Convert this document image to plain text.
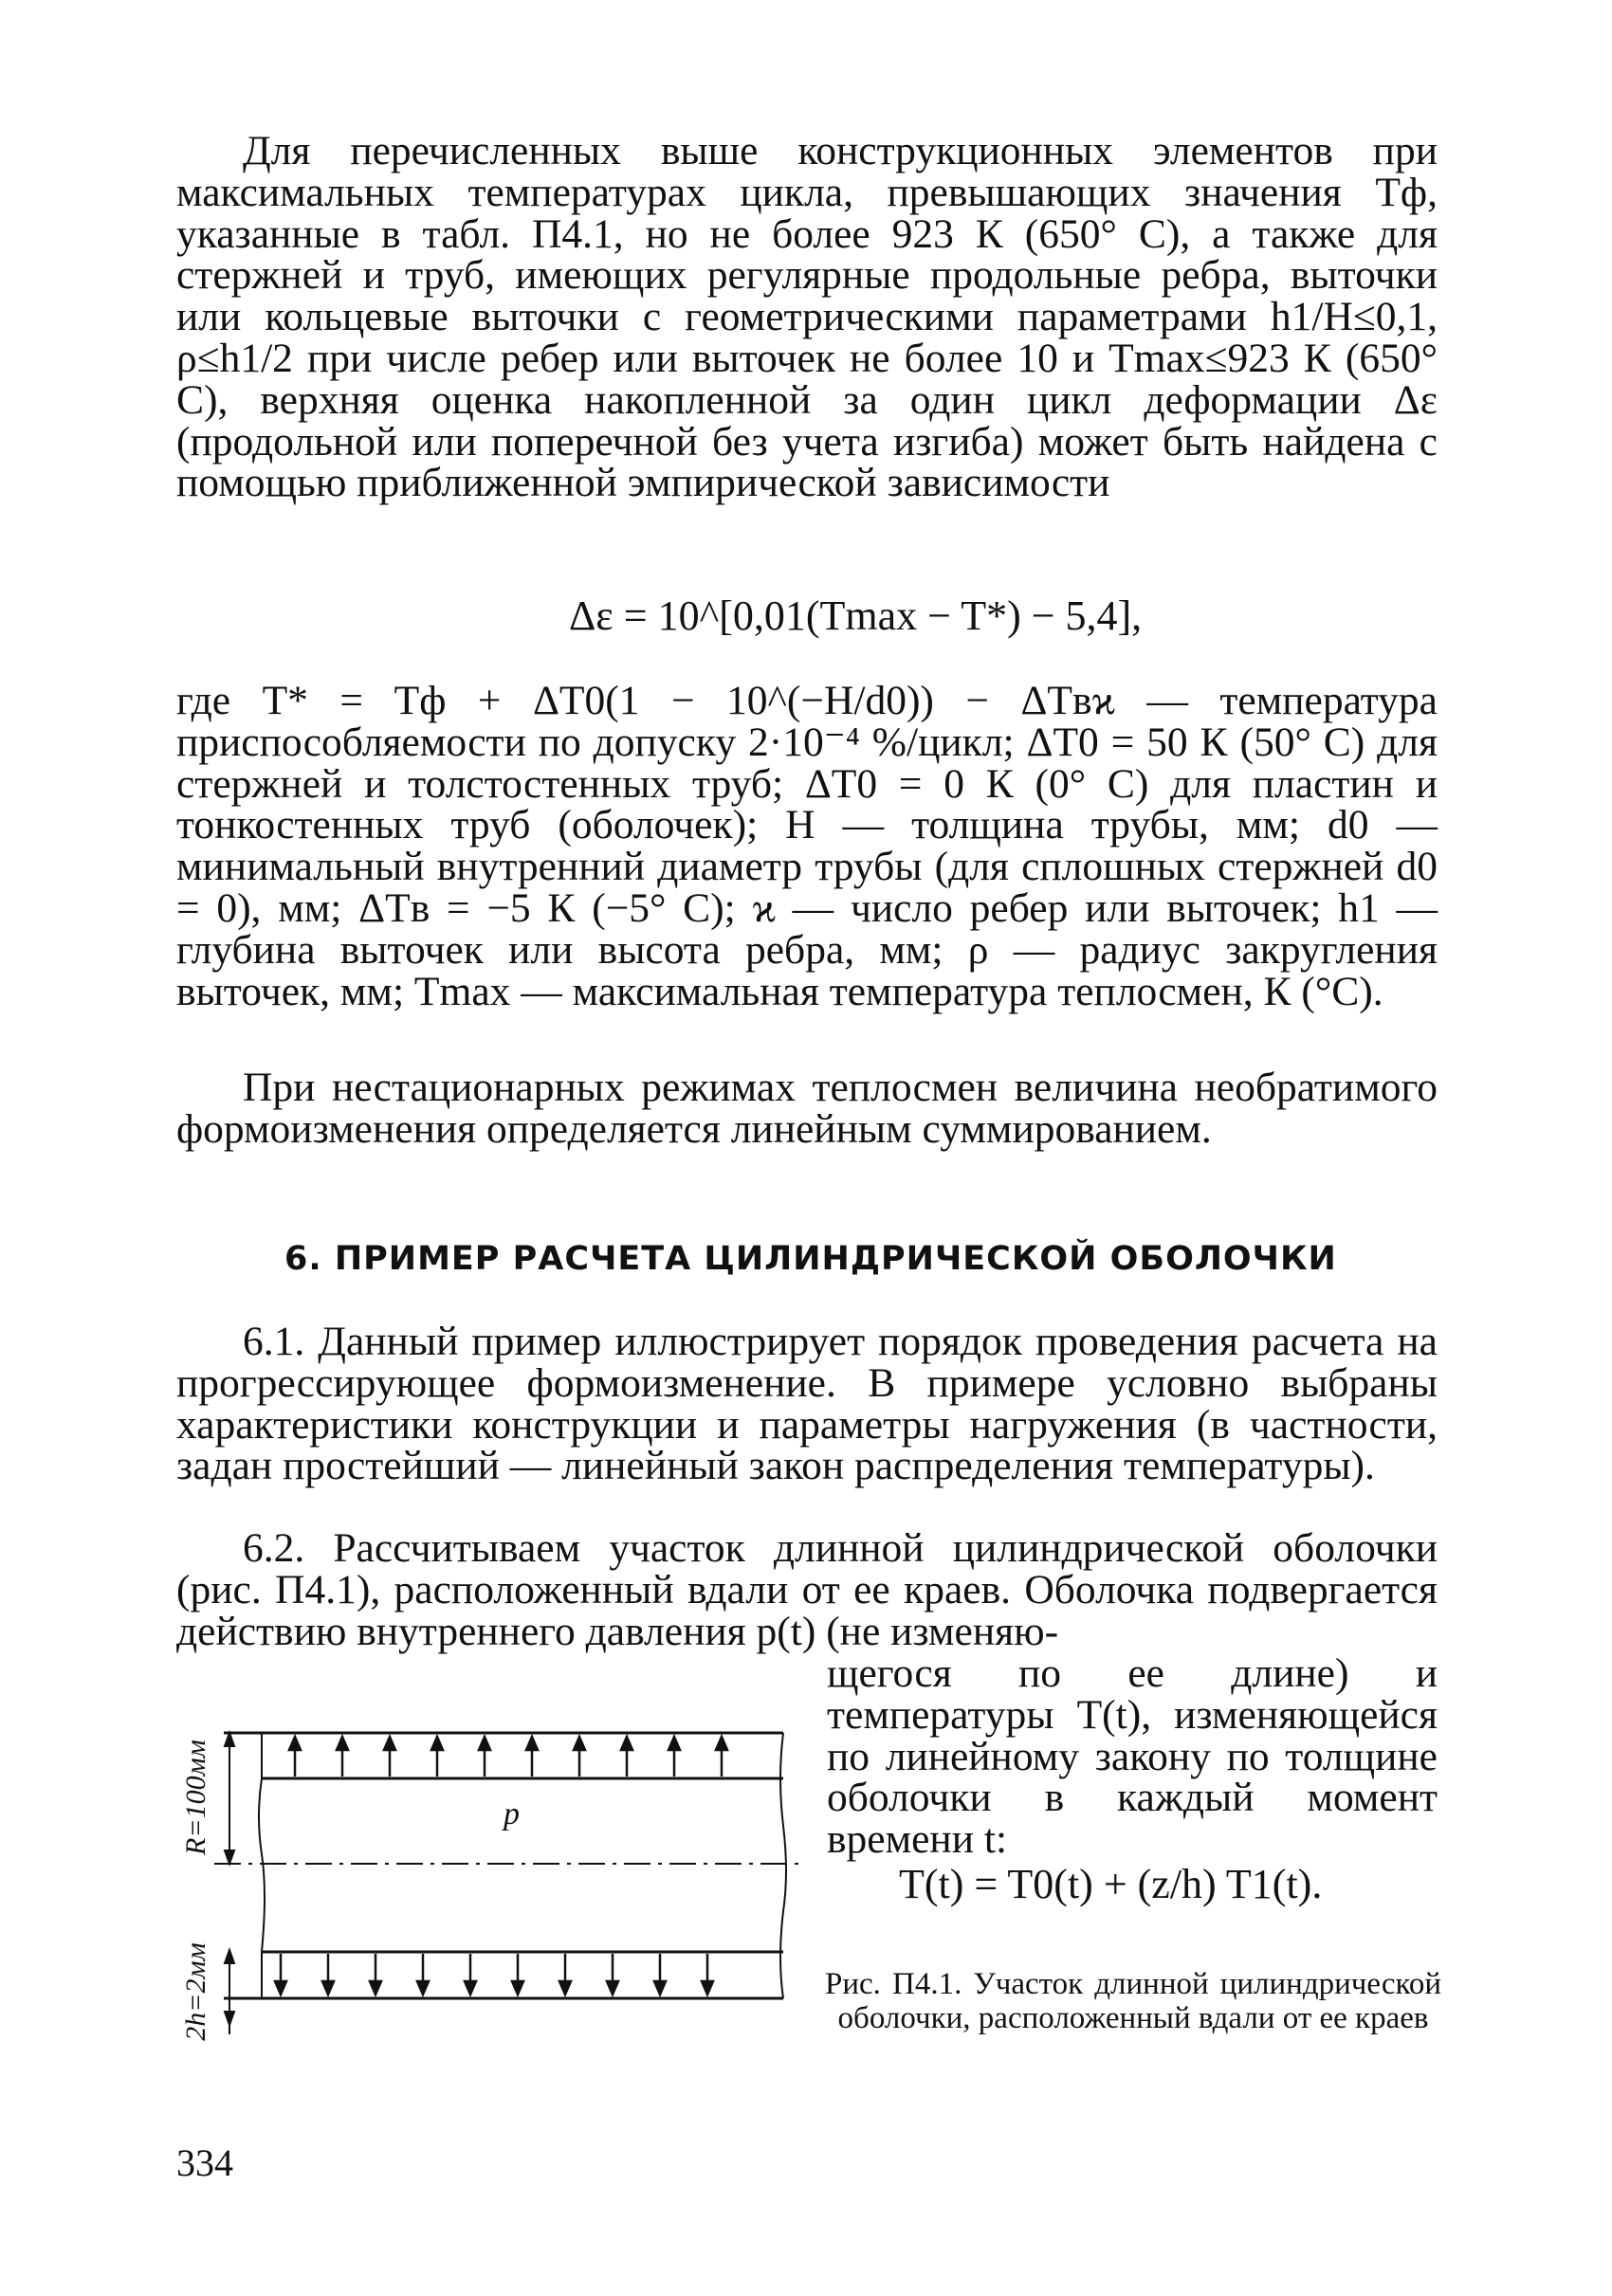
Для перечисленных выше конструкционных элементов при максимальных температурах цикла, превышающих значения Tф, указанные в табл. П4.1, но не более 923 К (650° С), а также для стержней и труб, имеющих регулярные продольные ребра, выточки или кольцевые выточки с геометрическими параметрами h1/H≤0,1, ρ≤h1/2 при числе ребер или выточек не более 10 и Tmax≤923 К (650° С), верхняя оценка накопленной за один цикл деформации Δε (продольной или поперечной без учета изгиба) может быть найдена с помощью приближенной эмпирической зависимости

Δε = 10^[0,01(Tmax − T*) − 5,4],

где T* = Tф + ΔT0(1 − 10^(−H/d0)) − ΔTвϰ — температура приспособляемости по допуску 2·10⁻⁴ %/цикл; ΔT0 = 50 К (50° С) для стержней и толстостенных труб; ΔT0 = 0 К (0° С) для пластин и тонкостенных труб (оболочек); H — толщина трубы, мм; d0 — минимальный внутренний диаметр трубы (для сплошных стержней d0 = 0), мм; ΔTв = −5 К (−5° С); ϰ — число ребер или выточек; h1 — глубина выточек или высота ребра, мм; ρ — радиус закругления выточек, мм; Tmax — максимальная температура теплосмен, К (°С).

При нестационарных режимах теплосмен величина необратимого формоизменения определяется линейным суммированием.

6. ПРИМЕР РАСЧЕТА ЦИЛИНДРИЧЕСКОЙ ОБОЛОЧКИ

6.1. Данный пример иллюстрирует порядок проведения расчета на прогрессирующее формоизменение. В примере условно выбраны характеристики конструкции и параметры нагружения (в частности, задан простейший — линейный закон распределения температуры).

6.2. Рассчитываем участок длинной цилиндрической оболочки (рис. П4.1), расположенный вдали от ее краев. Оболочка подвергается действию внутреннего давления p(t) (не изменяю-

щегося по ее длине) и температуры T(t), изменяющейся по линейному закону по толщине оболочки в каждый момент времени t:

T(t) = T0(t) + (z/h) T1(t).
R=100мм
2h=2мм
p
Рис. П4.1. Участок длинной цилиндрической оболочки, расположенный вдали от ее краев
334
